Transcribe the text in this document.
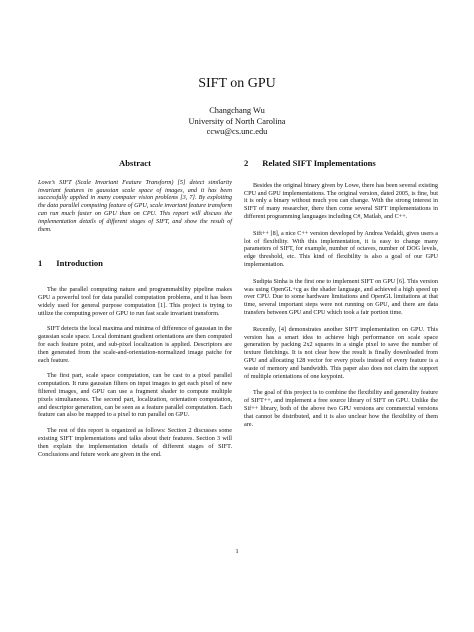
SIFT on GPU
Changchang Wu
University of North Carolina
ccwu@cs.unc.edu
Abstract

Lowe’s SIFT (Scale Invariant Feature Transform) [5] detect similarity invariant features in gaussian scale space of images, and it has been successfully applied in many computer vision problems [3, 7]. By exploiting the data parallel computing feature of GPU, scale invariant feature transform can run much faster on GPU than on CPU. This report will discuss the implementation details of different stages of SIFT, and show the result of them.

1 Introduction

The the parallel computing nature and programmability pipeline makes GPU a powerful tool for data parallel computation problems, and it has been widely used for general purpose computation [1]. This project is trying to utilize the computing power of GPU to run fast scale invariant transform.

SIFT detects the local maxima and minima of difference of gaussian in the gaussian scale space. Local dominant gradient orientations are then computed for each feature point, and sub-pixel localization is applied. Descriptors are then generated from the scale-and-orientation-normalized image patche for each feature.

The first part, scale space computation, can be cast to a pixel parallel computation. It runs gaussian filters on input images to get each pixel of new filtered images, and GPU can use a fragment shader to compute multiple pixels simultaneous. The second part, localization, orientation computation, and descriptor generation, can be seen as a feature parallel computation. Each feature can also be mapped to a pixel to run parallel on GPU.

The rest of this report is organized as follows: Section 2 discusses some existing SIFT implementations and talks about their features. Section 3 will then explain the implementation details of different stages of SIFT. Conclusions and future work are given in the end.

2 Related SIFT Implementations

Besides the original binary given by Lowe, there has been several existing CPU and GPU implementations. The original version, dated 2005, is fine, but it is only a binary without much you can change. With the strong interest in SIFT of many researcher, there then come several SIFT implementations in different programming languages including C#, Matlab, and C++.

Sift++ [8], a nice C++ version developed by Andrea Vedaldi, gives users a lot of flexibility. With this implementation, it is easy to change many parameters of SIFT, for example, number of octaves, number of DOG levels, edge threshold, etc. This kind of flexibility is also a goal of our GPU implementation.

Sudipta Sinha is the first one to implement SIFT on GPU [6]. This version was using OpenGL+cg as the shader language, and achieved a high speed up over CPU. Due to some hardware limitations and OpenGL limitations at that time, several important steps were not running on GPU, and there are data transfers between GPU and CPU which took a fair portion time.

Recently, [4] demonstrates another SIFT implementation on GPU. This version has a smart idea to achieve high performance on scale space generation by packing 2x2 squares in a single pixel to save the number of texture fletchings. It is not clear how the result is finally downloaded from GPU and allocating 128 vector for every pixels instead of every feature is a waste of memory and bandwidth. This paper also does not claim the support of multiple orientations of one keypoint.

The goal of this project is to combine the flexibility and generality feature of SIFT++, and implement a free source library of SIFT on GPU. Unlike the Sif++ library, both of the above two GPU versions are commercial versions that cannot be distributed, and it is also unclear how the flexibility of them are.

1
